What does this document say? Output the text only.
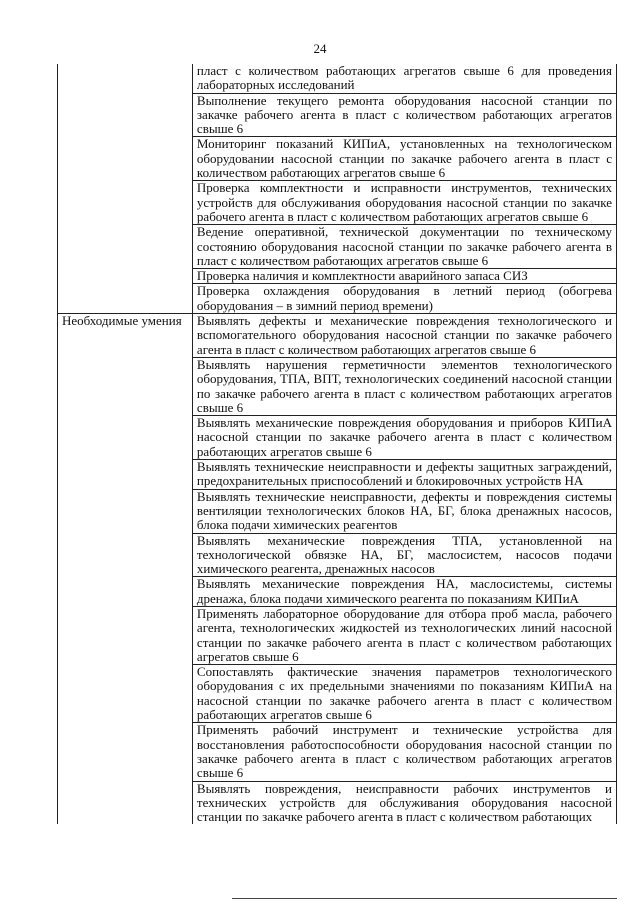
24
	пласт с количеством работающих агрегатов свыше 6 для проведения лабораторных исследований
	Выполнение текущего ремонта оборудования насосной станции по закачке рабочего агента в пласт с количеством работающих агрегатов свыше 6
	Мониторинг показаний КИПиА, установленных на технологическом оборудовании насосной станции по закачке рабочего агента в пласт с количеством работающих агрегатов свыше 6
	Проверка комплектности и исправности инструментов, технических устройств для обслуживания оборудования насосной станции по закачке рабочего агента в пласт с количеством работающих агрегатов свыше 6
	Ведение оперативной, технической документации по техническому состоянию оборудования насосной станции по закачке рабочего агента в пласт с количеством работающих агрегатов свыше 6
	Проверка наличия и комплектности аварийного запаса СИЗ
	Проверка охлаждения оборудования в летний период (обогрева оборудования – в зимний период времени)
Необходимые умения	Выявлять дефекты и механические повреждения технологического и вспомогательного оборудования насосной станции по закачке рабочего агента в пласт с количеством работающих агрегатов свыше 6
	Выявлять нарушения герметичности элементов технологического оборудования, ТПА, ВПТ, технологических соединений насосной станции по закачке рабочего агента в пласт с количеством работающих агрегатов свыше 6
	Выявлять механические повреждения оборудования и приборов КИПиА насосной станции по закачке рабочего агента в пласт с количеством работающих агрегатов свыше 6
	Выявлять технические неисправности и дефекты защитных заграждений, предохранительных приспособлений и блокировочных устройств НА
	Выявлять технические неисправности, дефекты и повреждения системы вентиляции технологических блоков НА, БГ, блока дренажных насосов, блока подачи химических реагентов
	Выявлять механические повреждения ТПА, установленной на технологической обвязке НА, БГ, маслосистем, насосов подачи химического реагента, дренажных насосов
	Выявлять механические повреждения НА, маслосистемы, системы дренажа, блока подачи химического реагента по показаниям КИПиА
	Применять лабораторное оборудование для отбора проб масла, рабочего агента, технологических жидкостей из технологических линий насосной станции по закачке рабочего агента в пласт с количеством работающих агрегатов свыше 6
	Сопоставлять фактические значения параметров технологического оборудования с их предельными значениями по показаниям КИПиА на насосной станции по закачке рабочего агента в пласт с количеством работающих агрегатов свыше 6
	Применять рабочий инструмент и технические устройства для восстановления работоспособности оборудования насосной станции по закачке рабочего агента в пласт с количеством работающих агрегатов свыше 6
	Выявлять повреждения, неисправности рабочих инструментов и технических устройств для обслуживания оборудования насосной станции по закачке рабочего агента в пласт с количеством работающих
